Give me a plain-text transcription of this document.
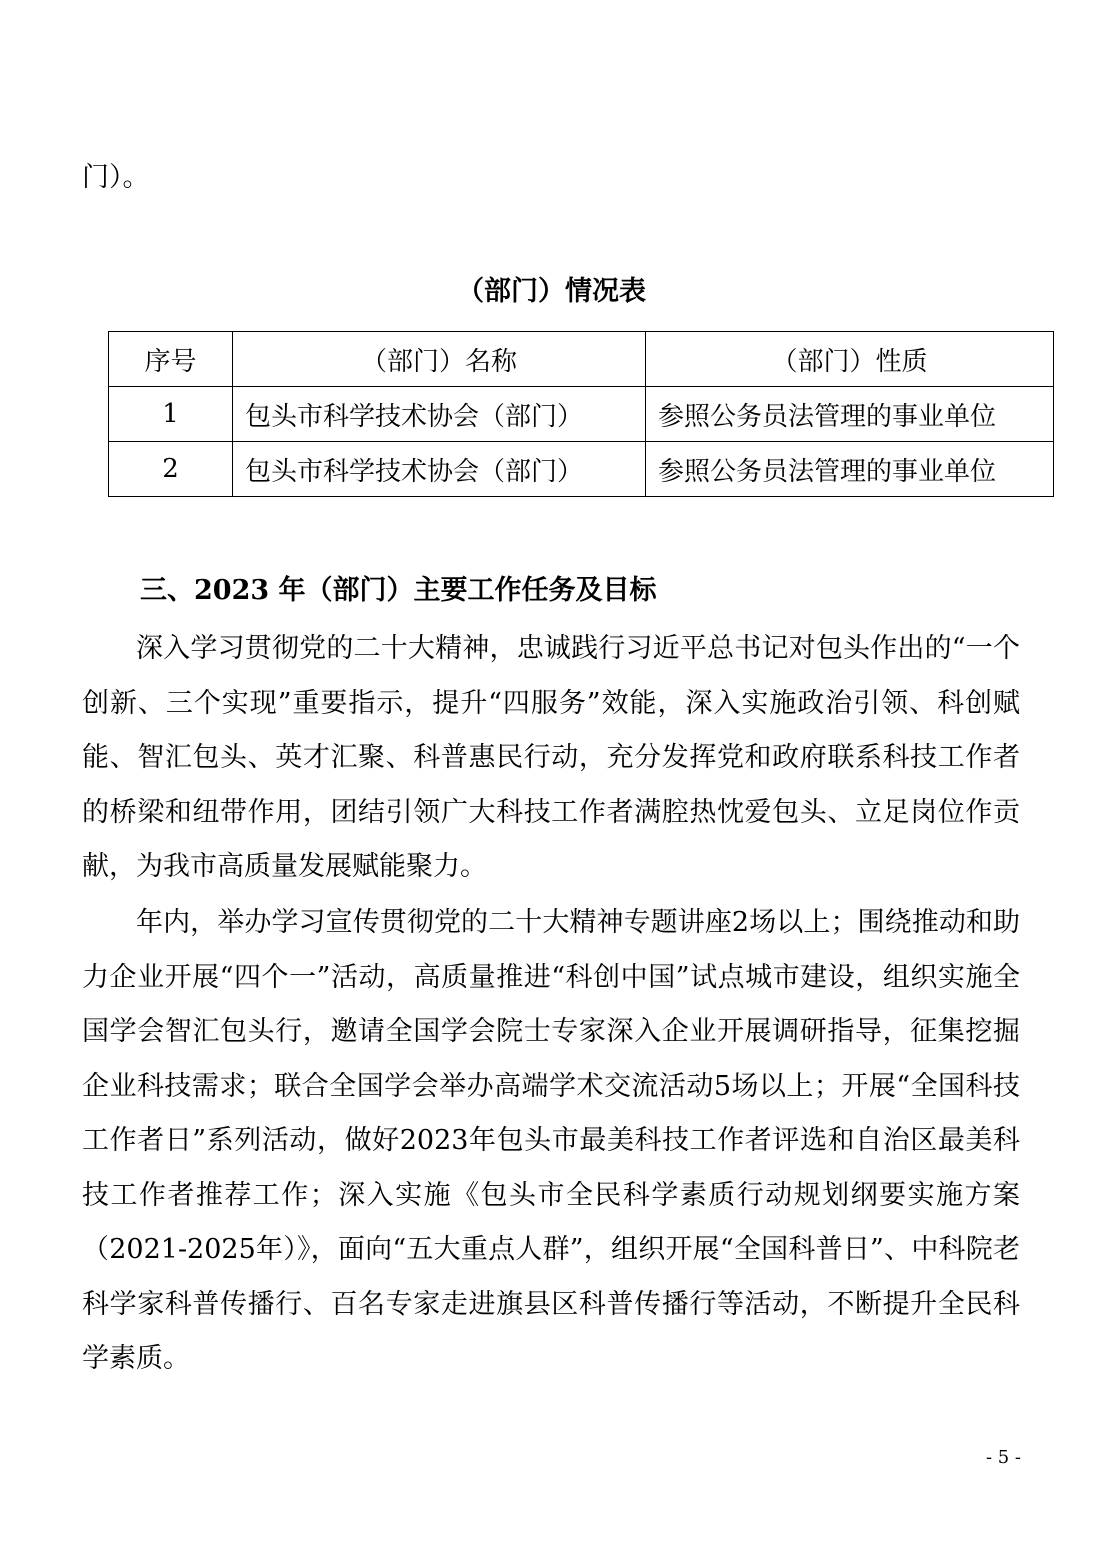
门）。
（部门）情况表
序号	（部门）名称	（部门）性质
1	包头市科学技术协会（部门）	参照公务员法管理的事业单位
2	包头市科学技术协会（部门）	参照公务员法管理的事业单位
三、2023 年（部门）主要工作任务及目标

深入学习贯彻党的二十大精神，忠诚践行习近平总书记对包头作出的“一个创新、三个实现”重要指示，提升“四服务”效能，深入实施政治引领、科创赋能、智汇包头、英才汇聚、科普惠民行动，充分发挥党和政府联系科技工作者的桥梁和纽带作用，团结引领广大科技工作者满腔热忱爱包头、立足岗位作贡献，为我市高质量发展赋能聚力。

年内，举办学习宣传贯彻党的二十大精神专题讲座2场以上；围绕推动和助力企业开展“四个一”活动，高质量推进“科创中国”试点城市建设，组织实施全国学会智汇包头行，邀请全国学会院士专家深入企业开展调研指导，征集挖掘企业科技需求；联合全国学会举办高端学术交流活动5场以上；开展“全国科技工作者日”系列活动，做好2023年包头市最美科技工作者评选和自治区最美科技工作者推荐工作；深入实施《包头市全民科学素质行动规划纲要实施方案（2021-2025年）》，面向“五大重点人群”，组织开展“全国科普日”、中科院老科学家科普传播行、百名专家走进旗县区科普传播行等活动，不断提升全民科学素质。

- 5 -
